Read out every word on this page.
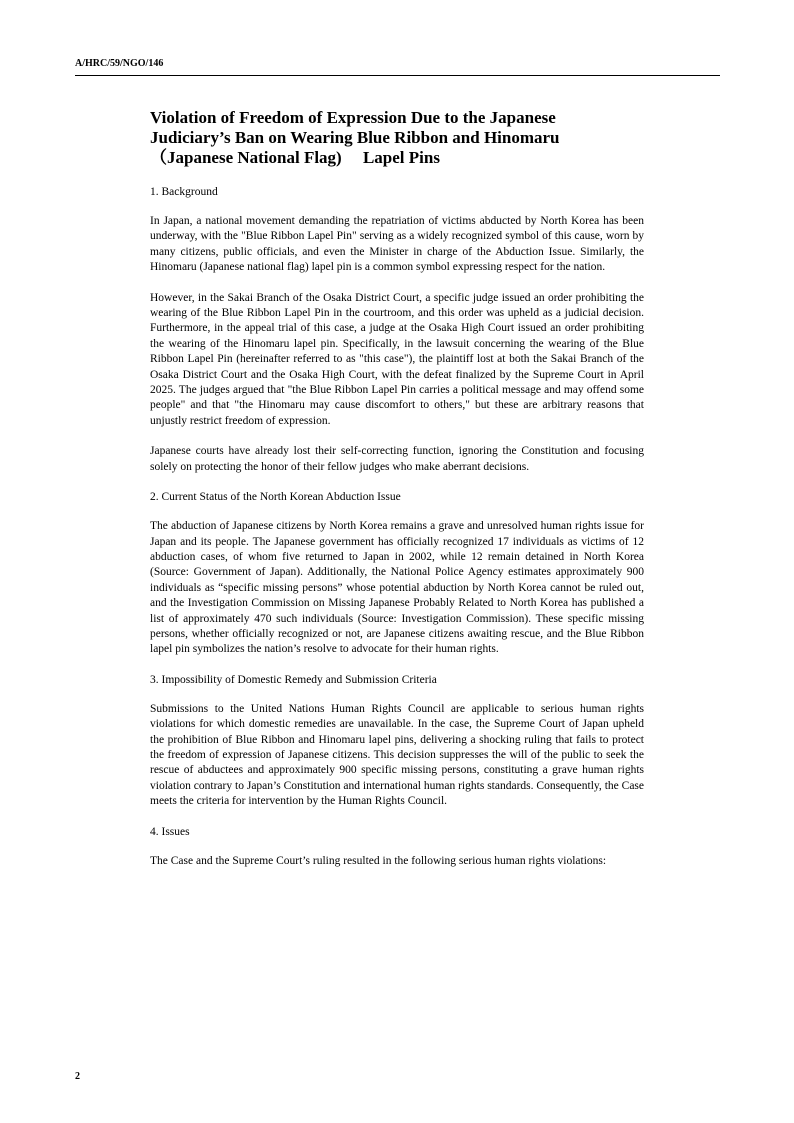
A/HRC/59/NGO/146
Violation of Freedom of Expression Due to the Japanese
Judiciary’s Ban on Wearing Blue Ribbon and Hinomaru
（Japanese National Flag)　 Lapel Pins
1. Background

In Japan, a national movement demanding the repatriation of victims abducted by North Korea has been underway, with the "Blue Ribbon Lapel Pin" serving as a widely recognized symbol of this cause, worn by many citizens, public officials, and even the Minister in charge of the Abduction Issue. Similarly, the Hinomaru (Japanese national flag) lapel pin is a common symbol expressing respect for the nation.

However, in the Sakai Branch of the Osaka District Court, a specific judge issued an order prohibiting the wearing of the Blue Ribbon Lapel Pin in the courtroom, and this order was upheld as a judicial decision. Furthermore, in the appeal trial of this case, a judge at the Osaka High Court issued an order prohibiting the wearing of the Hinomaru lapel pin. Specifically, in the lawsuit concerning the wearing of the Blue Ribbon Lapel Pin (hereinafter referred to as "this case"), the plaintiff lost at both the Sakai Branch of the Osaka District Court and the Osaka High Court, with the defeat finalized by the Supreme Court in April 2025. The judges argued that "the Blue Ribbon Lapel Pin carries a political message and may offend some people" and that "the Hinomaru may cause discomfort to others," but these are arbitrary reasons that unjustly restrict freedom of expression.

Japanese courts have already lost their self-correcting function, ignoring the Constitution and focusing solely on protecting the honor of their fellow judges who make aberrant decisions.

2. Current Status of the North Korean Abduction Issue

The abduction of Japanese citizens by North Korea remains a grave and unresolved human rights issue for Japan and its people. The Japanese government has officially recognized 17 individuals as victims of 12 abduction cases, of whom five returned to Japan in 2002, while 12 remain detained in North Korea (Source: Government of Japan). Additionally, the National Police Agency estimates approximately 900 individuals as “specific missing persons” whose potential abduction by North Korea cannot be ruled out, and the Investigation Commission on Missing Japanese Probably Related to North Korea has published a list of approximately 470 such individuals (Source: Investigation Commission). These specific missing persons, whether officially recognized or not, are Japanese citizens awaiting rescue, and the Blue Ribbon lapel pin symbolizes the nation’s resolve to advocate for their human rights.

3. Impossibility of Domestic Remedy and Submission Criteria

Submissions to the United Nations Human Rights Council are applicable to serious human rights violations for which domestic remedies are unavailable. In the case, the Supreme Court of Japan upheld the prohibition of Blue Ribbon and Hinomaru lapel pins, delivering a shocking ruling that fails to protect the freedom of expression of Japanese citizens. This decision suppresses the will of the public to seek the rescue of abductees and approximately 900 specific missing persons, constituting a grave human rights violation contrary to Japan’s Constitution and international human rights standards. Consequently, the Case meets the criteria for intervention by the Human Rights Council.

4. Issues

The Case and the Supreme Court’s ruling resulted in the following serious human rights violations:

2
